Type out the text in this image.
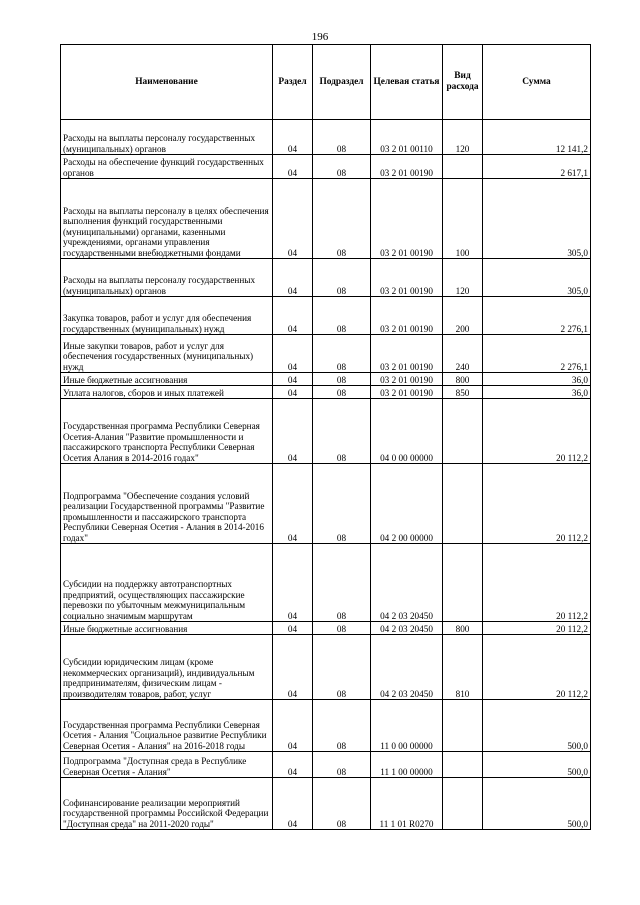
196
Наименование	Раздел	Подраздел	Целевая статья	Вид расхода	Сумма
Расходы на выплаты персоналу государственных (муниципальных) органов	04	08	03 2 01 00110	120	12 141,2
Расходы на обеспечение функций государственных органов	04	08	03 2 01 00190		2 617,1
Расходы на выплаты персоналу в целях обеспечения выполнения функций государственными (муниципальными) органами, казенными учреждениями, органами управления государственными внебюджетными фондами	04	08	03 2 01 00190	100	305,0
Расходы на выплаты персоналу государственных (муниципальных) органов	04	08	03 2 01 00190	120	305,0
Закупка товаров, работ и услуг для обеспечения государственных (муниципальных) нужд	04	08	03 2 01 00190	200	2 276,1
Иные закупки товаров, работ и услуг для обеспечения государственных (муниципальных) нужд	04	08	03 2 01 00190	240	2 276,1
Иные бюджетные ассигнования	04	08	03 2 01 00190	800	36,0
Уплата налогов, сборов и иных платежей	04	08	03 2 01 00190	850	36,0
Государственная программа Республики Северная Осетия-Алания "Развитие промышленности и пассажирского транспорта Республики Северная Осетия Алания в 2014-2016 годах"	04	08	04 0 00 00000		20 112,2
Подпрограмма "Обеспечение создания условий реализации Государственной программы "Развитие промышленности и пассажирского транспорта Республики Северная Осетия - Алания в 2014-2016 годах"	04	08	04 2 00 00000		20 112,2
Субсидии на поддержку автотранспортных предприятий, осуществляющих пассажирские перевозки по убыточным межмуниципальным социально значимым маршрутам	04	08	04 2 03 20450		20 112,2
Иные бюджетные ассигнования	04	08	04 2 03 20450	800	20 112,2
Субсидии юридическим лицам (кроме некоммерческих организаций), индивидуальным предпринимателям, физическим лицам - производителям товаров, работ, услуг	04	08	04 2 03 20450	810	20 112,2
Государственная программа Республики Северная Осетия - Алания "Социальное развитие Республики Северная Осетия - Алания" на 2016-2018 годы	04	08	11 0 00 00000		500,0
Подпрограмма "Доступная среда в Республике Северная Осетия - Алания"	04	08	11 1 00 00000		500,0
Софинансирование реализации мероприятий государственной программы Российской Федерации "Доступная среда" на 2011-2020 годы"	04	08	11 1 01 R0270		500,0
